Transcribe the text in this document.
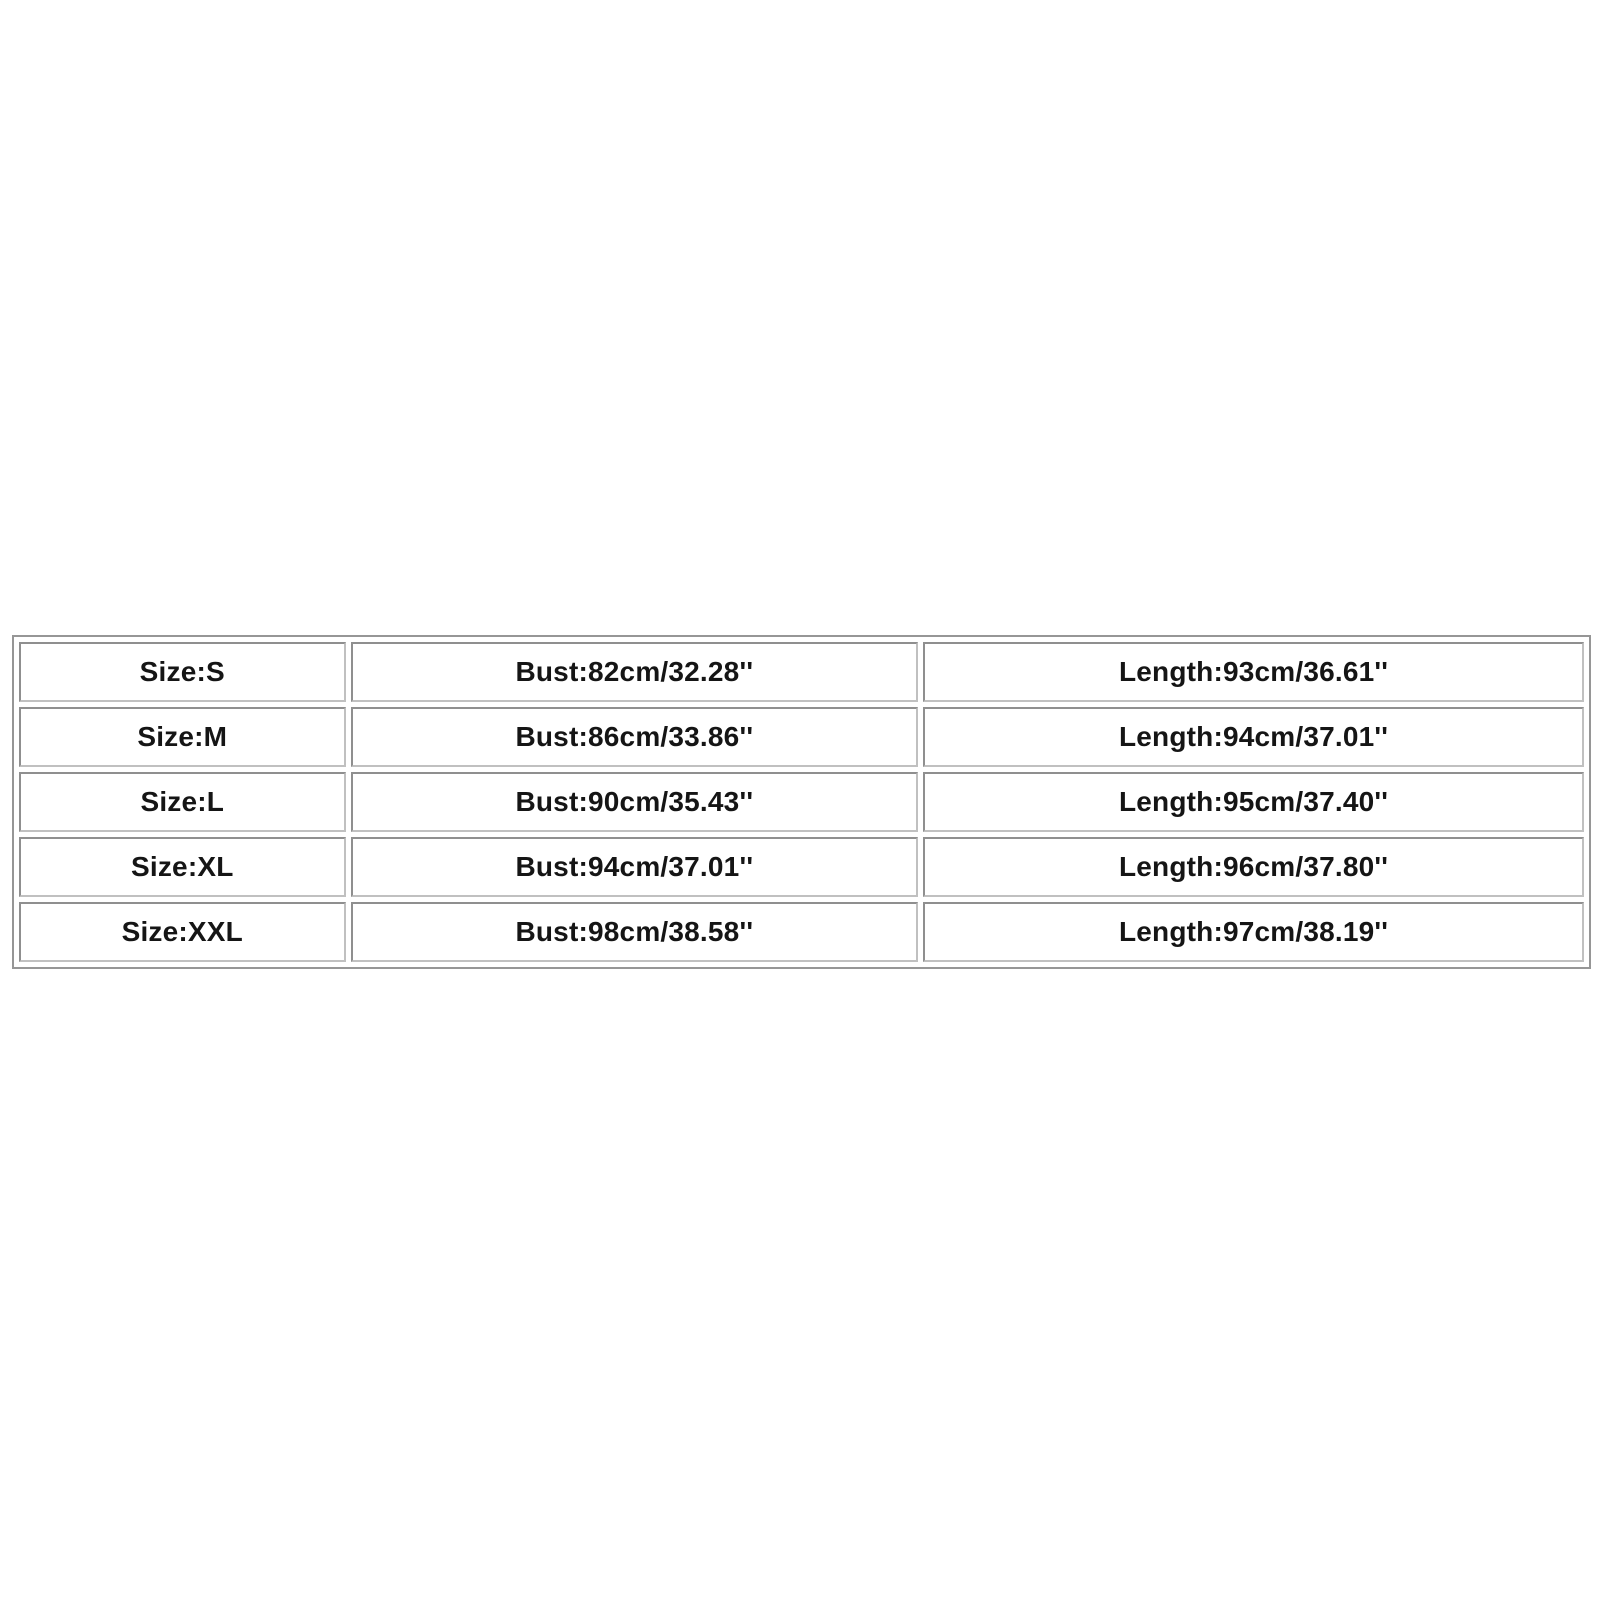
Size:S	Bust:82cm/32.28''	Length:93cm/36.61''
Size:M	Bust:86cm/33.86''	Length:94cm/37.01''
Size:L	Bust:90cm/35.43''	Length:95cm/37.40''
Size:XL	Bust:94cm/37.01''	Length:96cm/37.80''
Size:XXL	Bust:98cm/38.58''	Length:97cm/38.19''
